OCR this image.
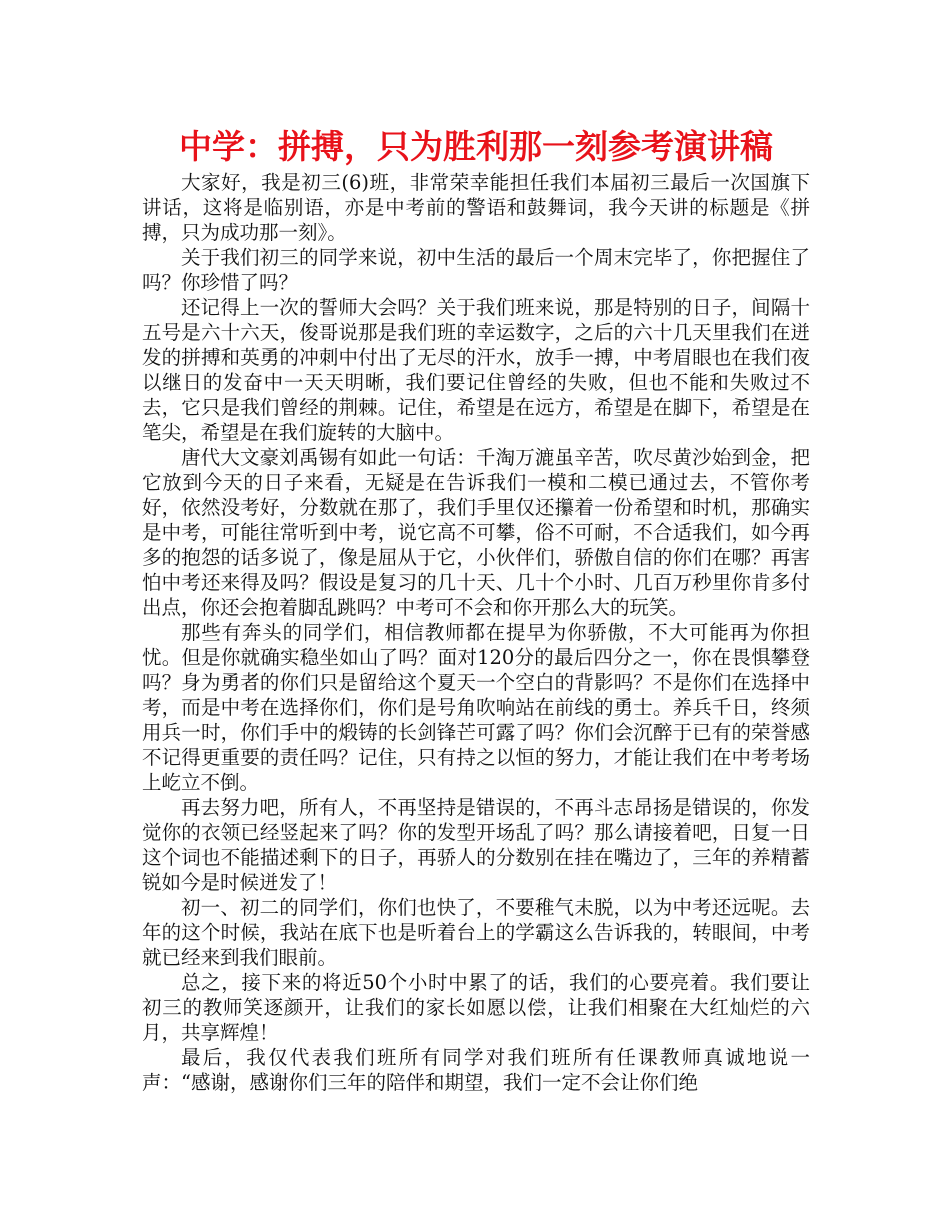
中学：拼搏，只为胜利那一刻参考演讲稿

大家好，我是初三(6)班，非常荣幸能担任我们本届初三最后一次国旗下讲话，这将是临别语，亦是中考前的警语和鼓舞词，我今天讲的标题是《拼搏，只为成功那一刻》。

关于我们初三的同学来说，初中生活的最后一个周末完毕了，你把握住了吗？你珍惜了吗？

还记得上一次的誓师大会吗？关于我们班来说，那是特别的日子，间隔十五号是六十六天，俊哥说那是我们班的幸运数字，之后的六十几天里我们在迸发的拼搏和英勇的冲刺中付出了无尽的汗水，放手一搏，中考眉眼也在我们夜以继日的发奋中一天天明晰，我们要记住曾经的失败，但也不能和失败过不去，它只是我们曾经的荆棘。记住，希望是在远方，希望是在脚下，希望是在笔尖，希望是在我们旋转的大脑中。

唐代大文豪刘禹锡有如此一句话：千淘万漉虽辛苦，吹尽黄沙始到金，把它放到今天的日子来看，无疑是在告诉我们一模和二模已通过去，不管你考好，依然没考好，分数就在那了，我们手里仅还攥着一份希望和时机，那确实是中考，可能往常听到中考，说它高不可攀，俗不可耐，不合适我们，如今再多的抱怨的话多说了，像是屈从于它，小伙伴们，骄傲自信的你们在哪？再害怕中考还来得及吗？假设是复习的几十天、几十个小时、几百万秒里你肯多付出点，你还会抱着脚乱跳吗？中考可不会和你开那么大的玩笑。

那些有奔头的同学们，相信教师都在提早为你骄傲，不大可能再为你担忧。但是你就确实稳坐如山了吗？面对120分的最后四分之一，你在畏惧攀登吗？身为勇者的你们只是留给这个夏天一个空白的背影吗？不是你们在选择中考，而是中考在选择你们，你们是号角吹响站在前线的勇士。养兵千日，终须用兵一时，你们手中的煅铸的长剑锋芒可露了吗？你们会沉醉于已有的荣誉感不记得更重要的责任吗？记住，只有持之以恒的努力，才能让我们在中考考场上屹立不倒。

再去努力吧，所有人，不再坚持是错误的，不再斗志昂扬是错误的，你发觉你的衣领已经竖起来了吗？你的发型开场乱了吗？那么请接着吧，日复一日这个词也不能描述剩下的日子，再骄人的分数别在挂在嘴边了，三年的养精蓄锐如今是时候迸发了！

初一、初二的同学们，你们也快了，不要稚气未脱，以为中考还远呢。去年的这个时候，我站在底下也是听着台上的学霸这么告诉我的，转眼间，中考就已经来到我们眼前。

总之，接下来的将近50个小时中累了的话，我们的心要亮着。我们要让初三的教师笑逐颜开，让我们的家长如愿以偿，让我们相聚在大红灿烂的六月，共享辉煌！

最后，我仅代表我们班所有同学对我们班所有任课教师真诚地说一声：“感谢，感谢你们三年的陪伴和期望，我们一定不会让你们绝
